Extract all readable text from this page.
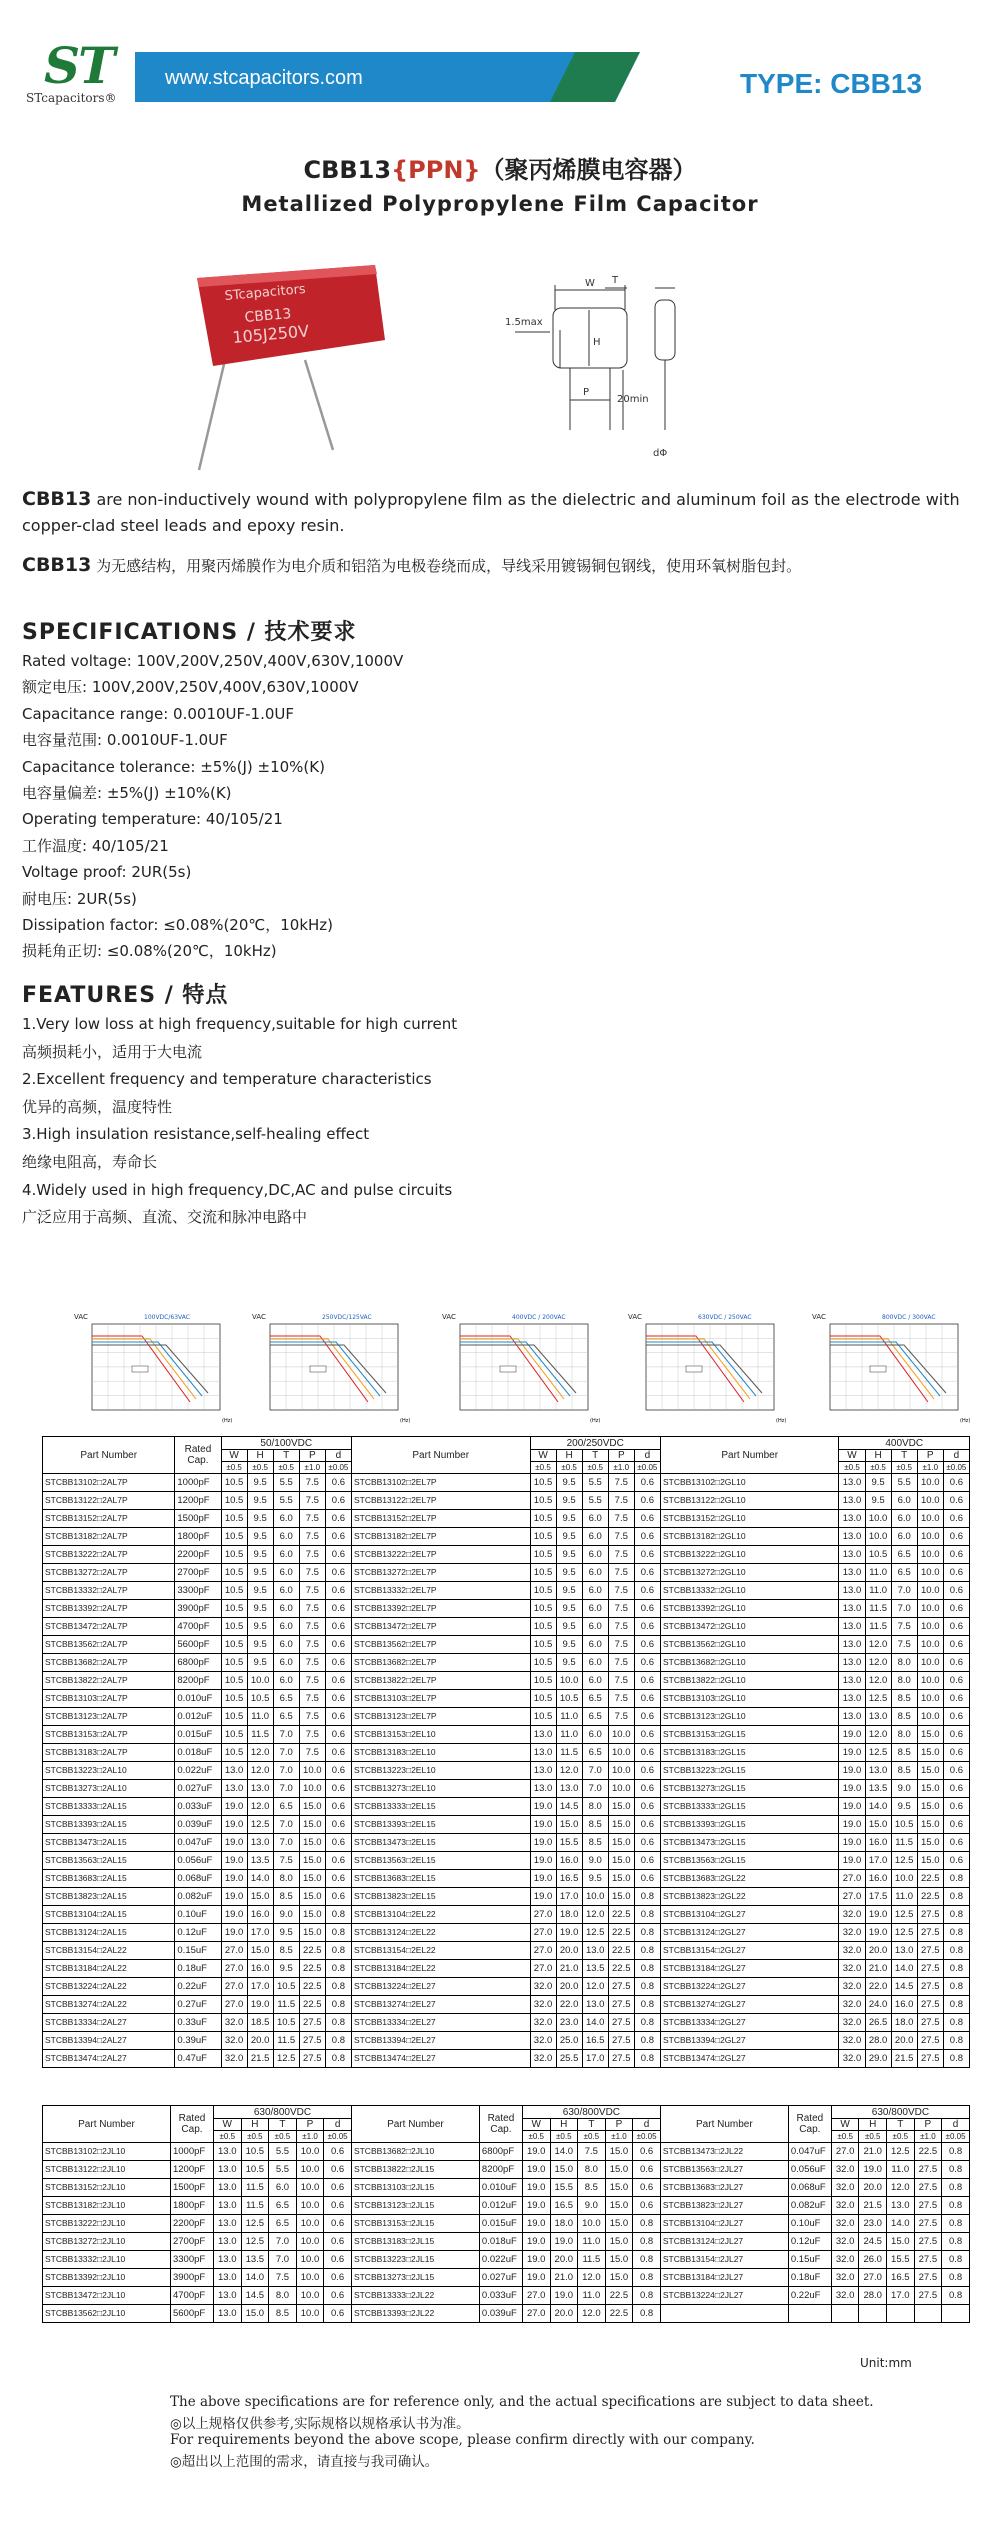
ST
STcapacitors®
www.stcapacitors.com	TYPE: CBB13
CBB13{PPN}（聚丙烯膜电容器）
Metallized Polypropylene Film Capacitor
STcapacitors
CBB13
105J250V
W
H
1.5max
P
20min
T
dΦ
CBB13 are non-inductively wound with polypropylene film as the dielectric and aluminum foil as the electrode with copper-clad steel leads and epoxy resin.
CBB13 为无感结构，用聚丙烯膜作为电介质和铝箔为电极卷绕而成，导线采用镀锡铜包钢线，使用环氧树脂包封。
SPECIFICATIONS / 技术要求
Rated voltage: 100V,200V,250V,400V,630V,1000V
额定电压: 100V,200V,250V,400V,630V,1000V
Capacitance range: 0.0010UF-1.0UF
电容量范围: 0.0010UF-1.0UF
Capacitance tolerance: ±5%(J) ±10%(K)
电容量偏差: ±5%(J) ±10%(K)
Operating temperature: 40/105/21
工作温度: 40/105/21
Voltage proof: 2UR(5s)
耐电压: 2UR(5s)
Dissipation factor: ≤0.08%(20℃，10kHz)
损耗角正切: ≤0.08%(20℃，10kHz)
FEATURES / 特点
1.Very low loss at high frequency,suitable for high current
高频损耗小，适用于大电流
2.Excellent frequency and temperature characteristics
优异的高频，温度特性
3.High insulation resistance,self-healing effect
绝缘电阻高，寿命长
4.Widely used in high frequency,DC,AC and pulse circuits
广泛应用于高频、直流、交流和脉冲电路中
VAC	100VDC/63VAC
(Hz)
VAC	250VDC/125VAC
(Hz)
VAC	400VDC / 200VAC
(Hz)
VAC	630VDC / 250VAC
(Hz)
VAC	800VDC / 300VAC
(Hz)
Part Number	Rated Cap.	50/100VDC					Part Number	200/250VDC					Part Number	400VDC				
		W	H	T	P	d		W	H	T	P	d		W	H	T	P	d
		±0.5	±0.5	±0.5	±1.0	±0.05		±0.5	±0.5	±0.5	±1.0	±0.05		±0.5	±0.5	±0.5	±1.0	±0.05
STCBB13102□2AL7P	1000pF	10.5	9.5	5.5	7.5	0.6	STCBB13102□2EL7P	10.5	9.5	5.5	7.5	0.6	STCBB13102□2GL10	13.0	9.5	5.5	10.0	0.6
STCBB13122□2AL7P	1200pF	10.5	9.5	5.5	7.5	0.6	STCBB13122□2EL7P	10.5	9.5	5.5	7.5	0.6	STCBB13122□2GL10	13.0	9.5	6.0	10.0	0.6
STCBB13152□2AL7P	1500pF	10.5	9.5	6.0	7.5	0.6	STCBB13152□2EL7P	10.5	9.5	6.0	7.5	0.6	STCBB13152□2GL10	13.0	10.0	6.0	10.0	0.6
STCBB13182□2AL7P	1800pF	10.5	9.5	6.0	7.5	0.6	STCBB13182□2EL7P	10.5	9.5	6.0	7.5	0.6	STCBB13182□2GL10	13.0	10.0	6.0	10.0	0.6
STCBB13222□2AL7P	2200pF	10.5	9.5	6.0	7.5	0.6	STCBB13222□2EL7P	10.5	9.5	6.0	7.5	0.6	STCBB13222□2GL10	13.0	10.5	6.5	10.0	0.6
STCBB13272□2AL7P	2700pF	10.5	9.5	6.0	7.5	0.6	STCBB13272□2EL7P	10.5	9.5	6.0	7.5	0.6	STCBB13272□2GL10	13.0	11.0	6.5	10.0	0.6
STCBB13332□2AL7P	3300pF	10.5	9.5	6.0	7.5	0.6	STCBB13332□2EL7P	10.5	9.5	6.0	7.5	0.6	STCBB13332□2GL10	13.0	11.0	7.0	10.0	0.6
STCBB13392□2AL7P	3900pF	10.5	9.5	6.0	7.5	0.6	STCBB13392□2EL7P	10.5	9.5	6.0	7.5	0.6	STCBB13392□2GL10	13.0	11.5	7.0	10.0	0.6
STCBB13472□2AL7P	4700pF	10.5	9.5	6.0	7.5	0.6	STCBB13472□2EL7P	10.5	9.5	6.0	7.5	0.6	STCBB13472□2GL10	13.0	11.5	7.5	10.0	0.6
STCBB13562□2AL7P	5600pF	10.5	9.5	6.0	7.5	0.6	STCBB13562□2EL7P	10.5	9.5	6.0	7.5	0.6	STCBB13562□2GL10	13.0	12.0	7.5	10.0	0.6
STCBB13682□2AL7P	6800pF	10.5	9.5	6.0	7.5	0.6	STCBB13682□2EL7P	10.5	9.5	6.0	7.5	0.6	STCBB13682□2GL10	13.0	12.0	8.0	10.0	0.6
STCBB13822□2AL7P	8200pF	10.5	10.0	6.0	7.5	0.6	STCBB13822□2EL7P	10.5	10.0	6.0	7.5	0.6	STCBB13822□2GL10	13.0	12.0	8.0	10.0	0.6
STCBB13103□2AL7P	0.010uF	10.5	10.5	6.5	7.5	0.6	STCBB13103□2EL7P	10.5	10.5	6.5	7.5	0.6	STCBB13103□2GL10	13.0	12.5	8.5	10.0	0.6
STCBB13123□2AL7P	0.012uF	10.5	11.0	6.5	7.5	0.6	STCBB13123□2EL7P	10.5	11.0	6.5	7.5	0.6	STCBB13123□2GL10	13.0	13.0	8.5	10.0	0.6
STCBB13153□2AL7P	0.015uF	10.5	11.5	7.0	7.5	0.6	STCBB13153□2EL10	13.0	11.0	6.0	10.0	0.6	STCBB13153□2GL15	19.0	12.0	8.0	15.0	0.6
STCBB13183□2AL7P	0.018uF	10.5	12.0	7.0	7.5	0.6	STCBB13183□2EL10	13.0	11.5	6.5	10.0	0.6	STCBB13183□2GL15	19.0	12.5	8.5	15.0	0.6
STCBB13223□2AL10	0.022uF	13.0	12.0	7.0	10.0	0.6	STCBB13223□2EL10	13.0	12.0	7.0	10.0	0.6	STCBB13223□2GL15	19.0	13.0	8.5	15.0	0.6
STCBB13273□2AL10	0.027uF	13.0	13.0	7.0	10.0	0.6	STCBB13273□2EL10	13.0	13.0	7.0	10.0	0.6	STCBB13273□2GL15	19.0	13.5	9.0	15.0	0.6
STCBB13333□2AL15	0.033uF	19.0	12.0	6.5	15.0	0.6	STCBB13333□2EL15	19.0	14.5	8.0	15.0	0.6	STCBB13333□2GL15	19.0	14.0	9.5	15.0	0.6
STCBB13393□2AL15	0.039uF	19.0	12.5	7.0	15.0	0.6	STCBB13393□2EL15	19.0	15.0	8.5	15.0	0.6	STCBB13393□2GL15	19.0	15.0	10.5	15.0	0.6
STCBB13473□2AL15	0.047uF	19.0	13.0	7.0	15.0	0.6	STCBB13473□2EL15	19.0	15.5	8.5	15.0	0.6	STCBB13473□2GL15	19.0	16.0	11.5	15.0	0.6
STCBB13563□2AL15	0.056uF	19.0	13.5	7.5	15.0	0.6	STCBB13563□2EL15	19.0	16.0	9.0	15.0	0.6	STCBB13563□2GL15	19.0	17.0	12.5	15.0	0.6
STCBB13683□2AL15	0.068uF	19.0	14.0	8.0	15.0	0.6	STCBB13683□2EL15	19.0	16.5	9.5	15.0	0.6	STCBB13683□2GL22	27.0	16.0	10.0	22.5	0.8
STCBB13823□2AL15	0.082uF	19.0	15.0	8.5	15.0	0.6	STCBB13823□2EL15	19.0	17.0	10.0	15.0	0.8	STCBB13823□2GL22	27.0	17.5	11.0	22.5	0.8
STCBB13104□2AL15	0.10uF	19.0	16.0	9.0	15.0	0.8	STCBB13104□2EL22	27.0	18.0	12.0	22.5	0.8	STCBB13104□2GL27	32.0	19.0	12.5	27.5	0.8
STCBB13124□2AL15	0.12uF	19.0	17.0	9.5	15.0	0.8	STCBB13124□2EL22	27.0	19.0	12.5	22.5	0.8	STCBB13124□2GL27	32.0	19.0	12.5	27.5	0.8
STCBB13154□2AL22	0.15uF	27.0	15.0	8.5	22.5	0.8	STCBB13154□2EL22	27.0	20.0	13.0	22.5	0.8	STCBB13154□2GL27	32.0	20.0	13.0	27.5	0.8
STCBB13184□2AL22	0.18uF	27.0	16.0	9.5	22.5	0.8	STCBB13184□2EL22	27.0	21.0	13.5	22.5	0.8	STCBB13184□2GL27	32.0	21.0	14.0	27.5	0.8
STCBB13224□2AL22	0.22uF	27.0	17.0	10.5	22.5	0.8	STCBB13224□2EL27	32.0	20.0	12.0	27.5	0.8	STCBB13224□2GL27	32.0	22.0	14.5	27.5	0.8
STCBB13274□2AL22	0.27uF	27.0	19.0	11.5	22.5	0.8	STCBB13274□2EL27	32.0	22.0	13.0	27.5	0.8	STCBB13274□2GL27	32.0	24.0	16.0	27.5	0.8
STCBB13334□2AL27	0.33uF	32.0	18.5	10.5	27.5	0.8	STCBB13334□2EL27	32.0	23.0	14.0	27.5	0.8	STCBB13334□2GL27	32.0	26.5	18.0	27.5	0.8
STCBB13394□2AL27	0.39uF	32.0	20.0	11.5	27.5	0.8	STCBB13394□2EL27	32.0	25.0	16.5	27.5	0.8	STCBB13394□2GL27	32.0	28.0	20.0	27.5	0.8
STCBB13474□2AL27	0.47uF	32.0	21.5	12.5	27.5	0.8	STCBB13474□2EL27	32.0	25.5	17.0	27.5	0.8	STCBB13474□2GL27	32.0	29.0	21.5	27.5	0.8
Part Number	Rated Cap.	630/800VDC					Part Number	Rated Cap.	630/800VDC					Part Number	Rated Cap.	630/800VDC				
		W	H	T	P	d			W	H	T	P	d			W	H	T	P	d
		±0.5	±0.5	±0.5	±1.0	±0.05			±0.5	±0.5	±0.5	±1.0	±0.05			±0.5	±0.5	±0.5	±1.0	±0.05
STCBB13102□2JL10	1000pF	13.0	10.5	5.5	10.0	0.6	STCBB13682□2JL10	6800pF	19.0	14.0	7.5	15.0	0.6	STCBB13473□2JL22	0.047uF	27.0	21.0	12.5	22.5	0.8
STCBB13122□2JL10	1200pF	13.0	10.5	5.5	10.0	0.6	STCBB13822□2JL15	8200pF	19.0	15.0	8.0	15.0	0.6	STCBB13563□2JL27	0.056uF	32.0	19.0	11.0	27.5	0.8
STCBB13152□2JL10	1500pF	13.0	11.5	6.0	10.0	0.6	STCBB13103□2JL15	0.010uF	19.0	15.5	8.5	15.0	0.6	STCBB13683□2JL27	0.068uF	32.0	20.0	12.0	27.5	0.8
STCBB13182□2JL10	1800pF	13.0	11.5	6.5	10.0	0.6	STCBB13123□2JL15	0.012uF	19.0	16.5	9.0	15.0	0.6	STCBB13823□2JL27	0.082uF	32.0	21.5	13.0	27.5	0.8
STCBB13222□2JL10	2200pF	13.0	12.5	6.5	10.0	0.6	STCBB13153□2JL15	0.015uF	19.0	18.0	10.0	15.0	0.8	STCBB13104□2JL27	0.10uF	32.0	23.0	14.0	27.5	0.8
STCBB13272□2JL10	2700pF	13.0	12.5	7.0	10.0	0.6	STCBB13183□2JL15	0.018uF	19.0	19.0	11.0	15.0	0.8	STCBB13124□2JL27	0.12uF	32.0	24.5	15.0	27.5	0.8
STCBB13332□2JL10	3300pF	13.0	13.5	7.0	10.0	0.6	STCBB13223□2JL15	0.022uF	19.0	20.0	11.5	15.0	0.8	STCBB13154□2JL27	0.15uF	32.0	26.0	15.5	27.5	0.8
STCBB13392□2JL10	3900pF	13.0	14.0	7.5	10.0	0.6	STCBB13273□2JL15	0.027uF	19.0	21.0	12.0	15.0	0.8	STCBB13184□2JL27	0.18uF	32.0	27.0	16.5	27.5	0.8
STCBB13472□2JL10	4700pF	13.0	14.5	8.0	10.0	0.6	STCBB13333□2JL22	0.033uF	27.0	19.0	11.0	22.5	0.8	STCBB13224□2JL27	0.22uF	32.0	28.0	17.0	27.5	0.8
STCBB13562□2JL10	5600pF	13.0	15.0	8.5	10.0	0.6	STCBB13393□2JL22	0.039uF	27.0	20.0	12.0	22.5	0.8							
Unit:mm
The above specifications are for reference only, and the actual specifications are subject to data sheet.
◎以上规格仅供参考,实际规格以规格承认书为准。
For requirements beyond the above scope, please confirm directly with our company.
◎超出以上范围的需求，请直接与我司确认。
